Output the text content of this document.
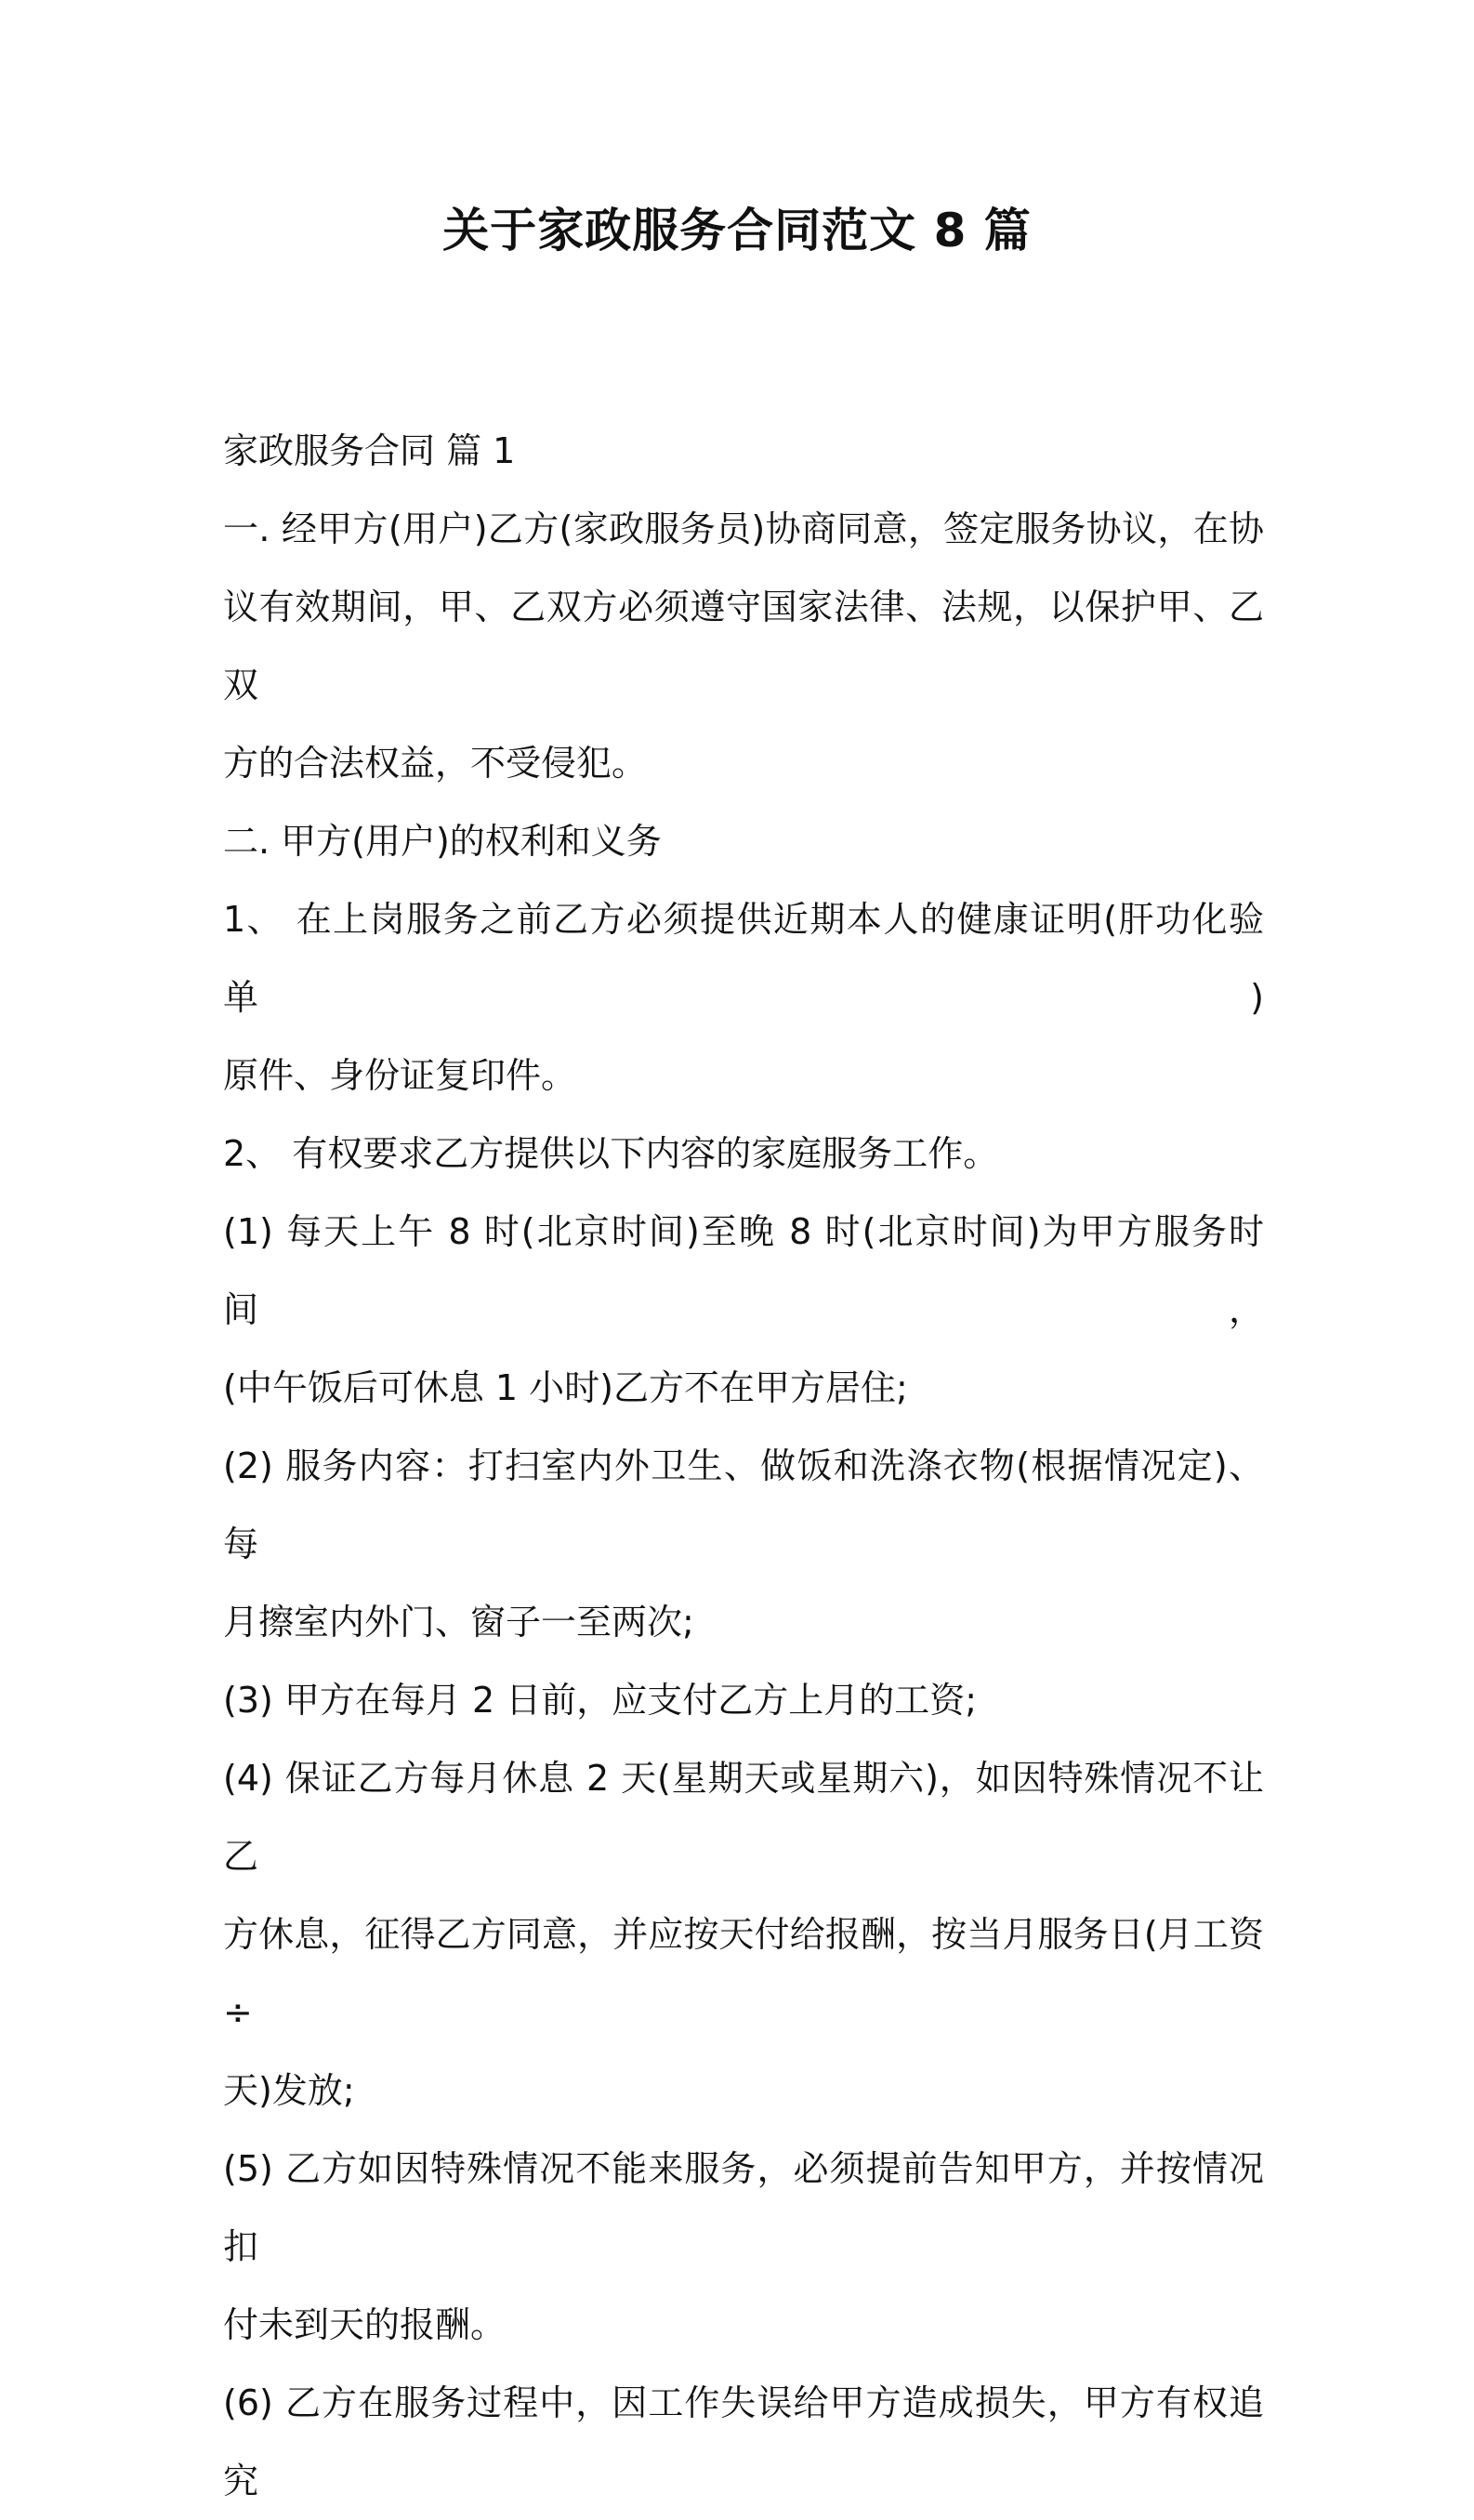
关于家政服务合同范文 8 篇

家政服务合同 篇 1

一. 经甲方(用户)乙方(家政服务员)协商同意，签定服务协议，在协
议有效期间，甲、乙双方必须遵守国家法律、法规，以保护甲、乙双
方的合法权益，不受侵犯。

二. 甲方(用户)的权利和义务

1、 在上岗服务之前乙方必须提供近期本人的健康证明(肝功化验单)
原件、身份证复印件。

2、 有权要求乙方提供以下内容的家庭服务工作。

(1) 每天上午 8 时(北京时间)至晚 8 时(北京时间)为甲方服务时间，
(中午饭后可休息 1 小时)乙方不在甲方居住;

(2) 服务内容：打扫室内外卫生、做饭和洗涤衣物(根据情况定)、每
月擦室内外门、窗子一至两次;

(3) 甲方在每月 2 日前，应支付乙方上月的工资;

(4) 保证乙方每月休息 2 天(星期天或星期六)，如因特殊情况不让乙
方休息，征得乙方同意，并应按天付给报酬，按当月服务日(月工资 ÷
天)发放;

(5) 乙方如因特殊情况不能来服务，必须提前告知甲方，并按情况扣
付未到天的报酬。

(6) 乙方在服务过程中，因工作失误给甲方造成损失，甲方有权追究
